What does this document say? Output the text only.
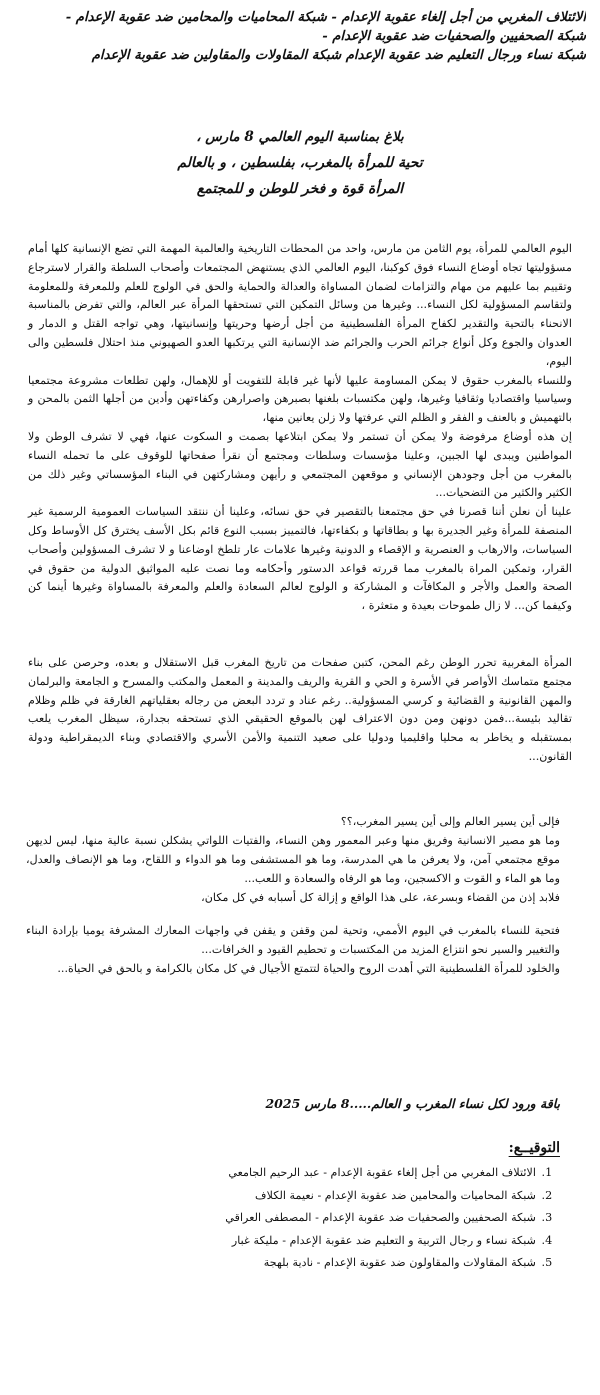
الائتلاف المغربي من أجل إلغاء عقوبة الإعدام - شبكة المحاميات والمحامين ضد عقوبة الإعدام -
شبكة الصحفيين والصحفيات ضد عقوبة الإعدام -
شبكة نساء ورجال التعليم ضد عقوبة الإعدام شبكة المقاولات والمقاولين ضد عقوبة الإعدام
بلاغ بمناسبة اليوم العالمي 8 مارس ،
تحية للمرأة بالمغرب، بفلسطين ، و بالعالم
المرأة قوة و فخر للوطن و للمجتمع

اليوم العالمي للمرأة، يوم الثامن من مارس، واحد من المحطات التاريخية والعالمية المهمة التي تضع الإنسانية كلها أمام مسؤوليتها تجاه أوضاع النساء فوق كوكبنا، اليوم العالمي الذي يستنهض المجتمعات وأصحاب السلطة والقرار لاسترجاع وتقييم بما عليهم من مهام والتزامات لضمان المساواة والعدالة والحماية والحق في الولوج للعلم وللمعرفة وللمعلومة ولتقاسم المسؤولية لكل النساء... وغيرها من وسائل التمكين التي تستحقها المرأة عبر العالم، والتي تفرض بالمناسبة الانحناء بالتحية والتقدير لكفاح المرأة الفلسطينية من أجل أرضها وحريتها وإنسانيتها، وهي تواجه القتل و الدمار و العدوان والجوع وكل أنواع جرائم الحرب والجرائم ضد الإنسانية التي يرتكبها العدو الصهيوني منذ احتلال فلسطين والى اليوم،

وللنساء بالمغرب حقوق لا يمكن المساومة عليها لأنها غير قابلة للتفويت أو للإهمال، ولهن تطلعات مشروعة مجتمعيا وسياسيا واقتصاديا وثقافيا وغيرها، ولهن مكتسبات بلغنها بصبرهن واصرارهن وكفاءتهن وأدين من أجلها الثمن بالمحن و بالتهميش و بالعنف و الفقر و الظلم التي عرفتها ولا زلن يعانين منها،

إن هذه أوضاع مرفوضة ولا يمكن أن تستمر ولا يمكن ابتلاعها بصمت و السكوت عنها، فهي لا تشرف الوطن ولا المواطنين ويبدى لها الجبين، وعلينا مؤسسات وسلطات ومجتمع أن نقرأ صفحاتها للوقوف على ما تحمله النساء بالمغرب من أجل وجودهن الإنساني و موقعهن المجتمعي و رأيهن ومشاركتهن في البناء المؤسساتي وغير ذلك من الكثير والكثير من التضحيات...

علينا أن نعلن أننا قصرنا في حق مجتمعنا بالتقصير في حق نسائه، وعلينا أن ننتقد السياسات العمومية الرسمية غير المنصفة للمرأة وغير الجديرة بها و بطاقاتها و بكفاءتها، فالتمييز بسبب النوع قائم بكل الأسف يخترق كل الأوساط وكل السياسات، والارهاب و العنصرية و الإقصاء و الدونية وغيرها علامات عار تلطخ اوضاعنا و لا تشرف المسؤولين وأصحاب القرار، وتمكين المراة بالمغرب مما قررته قواعد الدستور وأحكامه وما نصت عليه المواثيق الدولية من حقوق في الصحة والعمل والأجر و المكافآت و المشاركة و الولوج لعالم السعادة والعلم والمعرفة بالمساواة وغيرها أينما كن وكيفما كن... لا زال طموحات بعيدة و متعثرة ،

المرأة المغربية تحرر الوطن رغم المحن، كتبن صفحات من تاريخ المغرب قبل الاستقلال و بعده، وحرصن على بناء مجتمع متماسك الأواصر في الأسرة و الحي و القرية والريف والمدينة و المعمل والمكتب والمسرح و الجامعة والبرلمان والمهن القانونية و القضائية و كرسي المسؤولية.. رغم عناد و تردد البعض من رجاله بعقلياتهم الغارقة في ظلم وظلام تقاليد بئيسة...فمن دونهن ومن دون الاعتراف لهن بالموقع الحقيقي الذي تستحقه بجدارة، سيظل المغرب يلعب بمستقبله و يخاطر به محليا واقليميا ودوليا على صعيد التنمية والأمن الأسري والاقتصادي وبناء الديمقراطية ودولة القانون...

فإلى أين يسير العالم وإلى أين يسير المغرب،؟؟

وما هو مصير الانسانية وفريق منها وعبر المعمور وهن النساء، والفتيات اللواتي يشكلن نسبة عالية منها، ليس لديهن موقع مجتمعي آمن، ولا يعرفن ما هي المدرسة، وما هو المستشفى وما هو الدواء و اللقاح، وما هو الإنصاف والعدل، وما هو الماء و القوت و الاكسجين، وما هو الرفاه والسعادة و اللعب...

فلابد إذن من القضاء وبسرعة، على هذا الواقع و إزالة كل أسبابه في كل مكان،

فتحية للنساء بالمغرب في اليوم الأممي، وتحية لمن وقفن و يقفن في واجهات المعارك المشرفة يوميا بإرادة البناء والتغيير والسير نحو انتزاع المزيد من المكتسبات و تحطيم القيود و الخرافات...

والخلود للمرأة الفلسطينية التي أهدت الروح والحياة لتتمتع الأجيال في كل مكان بالكرامة و بالحق في الحياة...

باقة ورود لكل نساء المغرب و العالم.....8 مارس 2025
التوقيــع:
1. الائتلاف المغربي من أجل إلغاء عقوبة الإعدام - عبد الرحيم الجامعي
2. شبكة المحاميات والمحامين ضد عقوبة الإعدام - نعيمة الكلاف
3. شبكة الصحفيين والصحفيات ضد عقوبة الإعدام - المصطفى العراقي
4. شبكة نساء و رجال التربية و التعليم ضد عقوبة الإعدام - مليكة غبار
5. شبكة المقاولات والمقاولون ضد عقوبة الإعدام - نادية بلهجة
